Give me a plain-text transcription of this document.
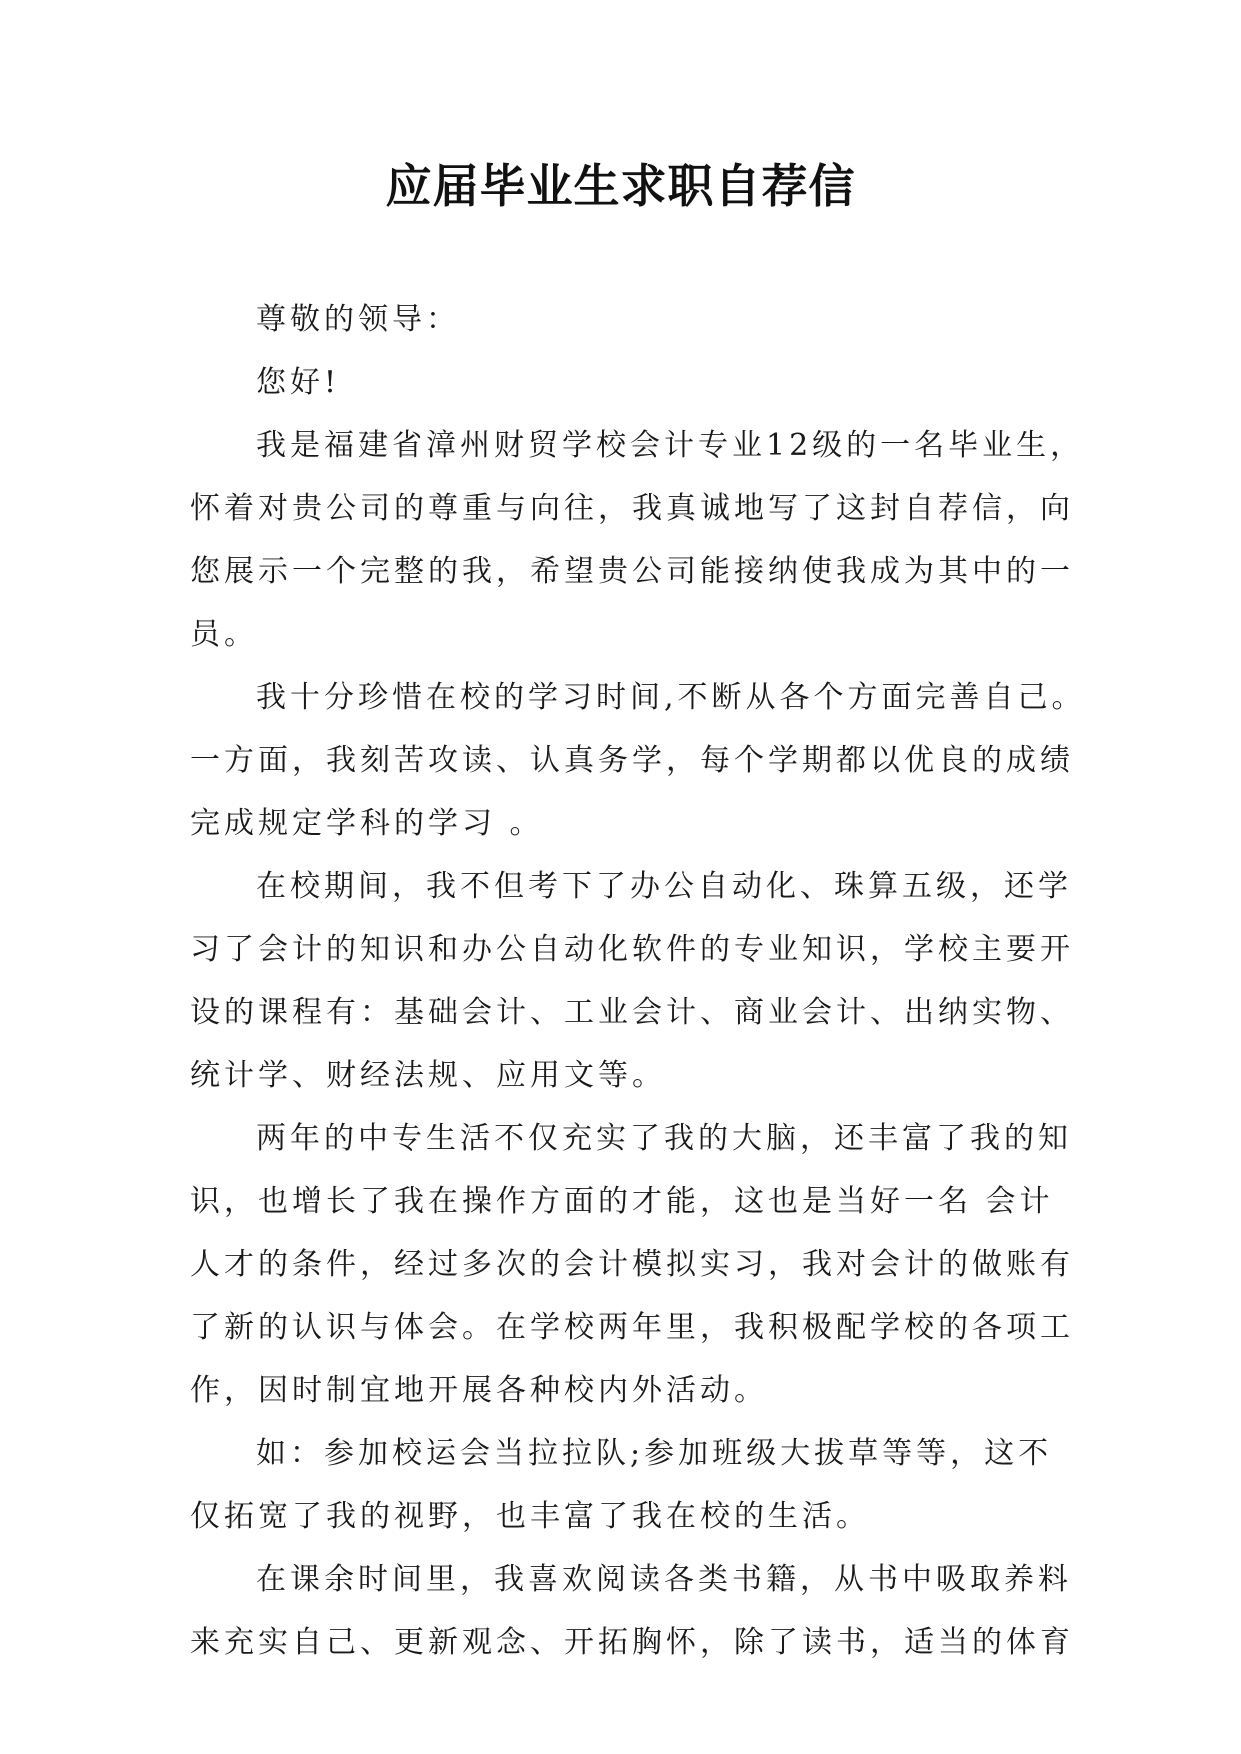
应届毕业生求职自荐信
尊敬的领导：
您好!
我是福建省漳州财贸学校会计专业12级的一名毕业生，
怀着对贵公司的尊重与向往，我真诚地写了这封自荐信，向
您展示一个完整的我，希望贵公司能接纳使我成为其中的一
员。
我十分珍惜在校的学习时间,不断从各个方面完善自己。
一方面，我刻苦攻读、认真务学，每个学期都以优良的成绩
完成规定学科的学习 。
在校期间，我不但考下了办公自动化、珠算五级，还学
习了会计的知识和办公自动化软件的专业知识，学校主要开
设的课程有：基础会计、工业会计、商业会计、出纳实物、
统计学、财经法规、应用文等。
两年的中专生活不仅充实了我的大脑，还丰富了我的知
识，也增长了我在操作方面的才能，这也是当好一名 会计
人才的条件，经过多次的会计模拟实习，我对会计的做账有
了新的认识与体会。在学校两年里，我积极配学校的各项工
作，因时制宜地开展各种校内外活动。
如：参加校运会当拉拉队;参加班级大拔草等等，这不
仅拓宽了我的视野，也丰富了我在校的生活。
在课余时间里，我喜欢阅读各类书籍，从书中吸取养料
来充实自己、更新观念、开拓胸怀，除了读书，适当的体育
